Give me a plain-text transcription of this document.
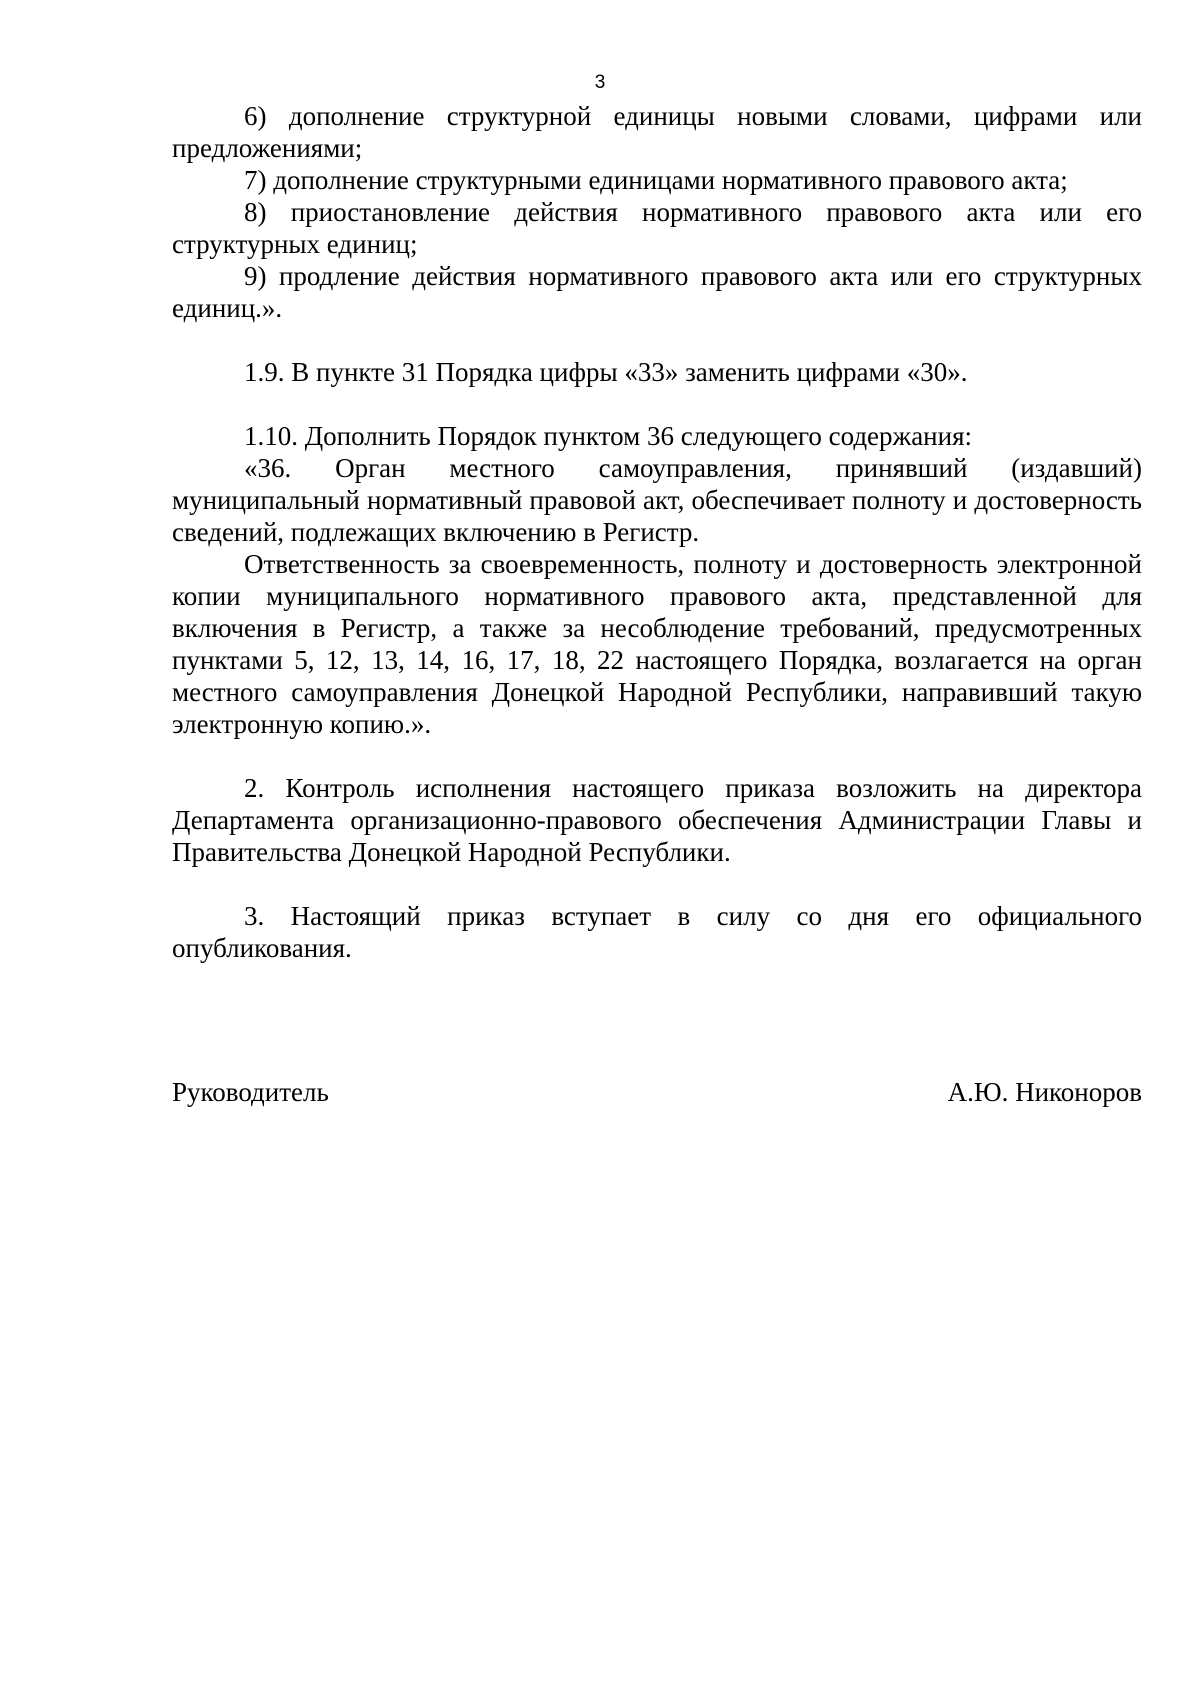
3

6) дополнение структурной единицы новыми словами, цифрами или предложениями;

7) дополнение структурными единицами нормативного правового акта;

8) приостановление действия нормативного правового акта или его структурных единиц;

9) продление действия нормативного правового акта или его структурных единиц.».

1.9. В пункте 31 Порядка цифры «33» заменить цифрами «30».

1.10. Дополнить Порядок пунктом 36 следующего содержания:

«36. Орган местного самоуправления, принявший (издавший) муниципальный нормативный правовой акт, обеспечивает полноту и достоверность сведений, подлежащих включению в Регистр.

Ответственность за своевременность, полноту и достоверность электронной копии муниципального нормативного правового акта, представленной для включения в Регистр, а также за несоблюдение требований, предусмотренных пунктами 5, 12, 13, 14, 16, 17, 18, 22 настоящего Порядка, возлагается на орган местного самоуправления Донецкой Народной Республики, направивший такую электронную копию.».

2. Контроль исполнения настоящего приказа возложить на директора Департамента организационно-правового обеспечения Администрации Главы и Правительства Донецкой Народной Республики.

3. Настоящий приказ вступает в силу со дня его официального опубликования.

Руководитель	А.Ю. Никоноров
